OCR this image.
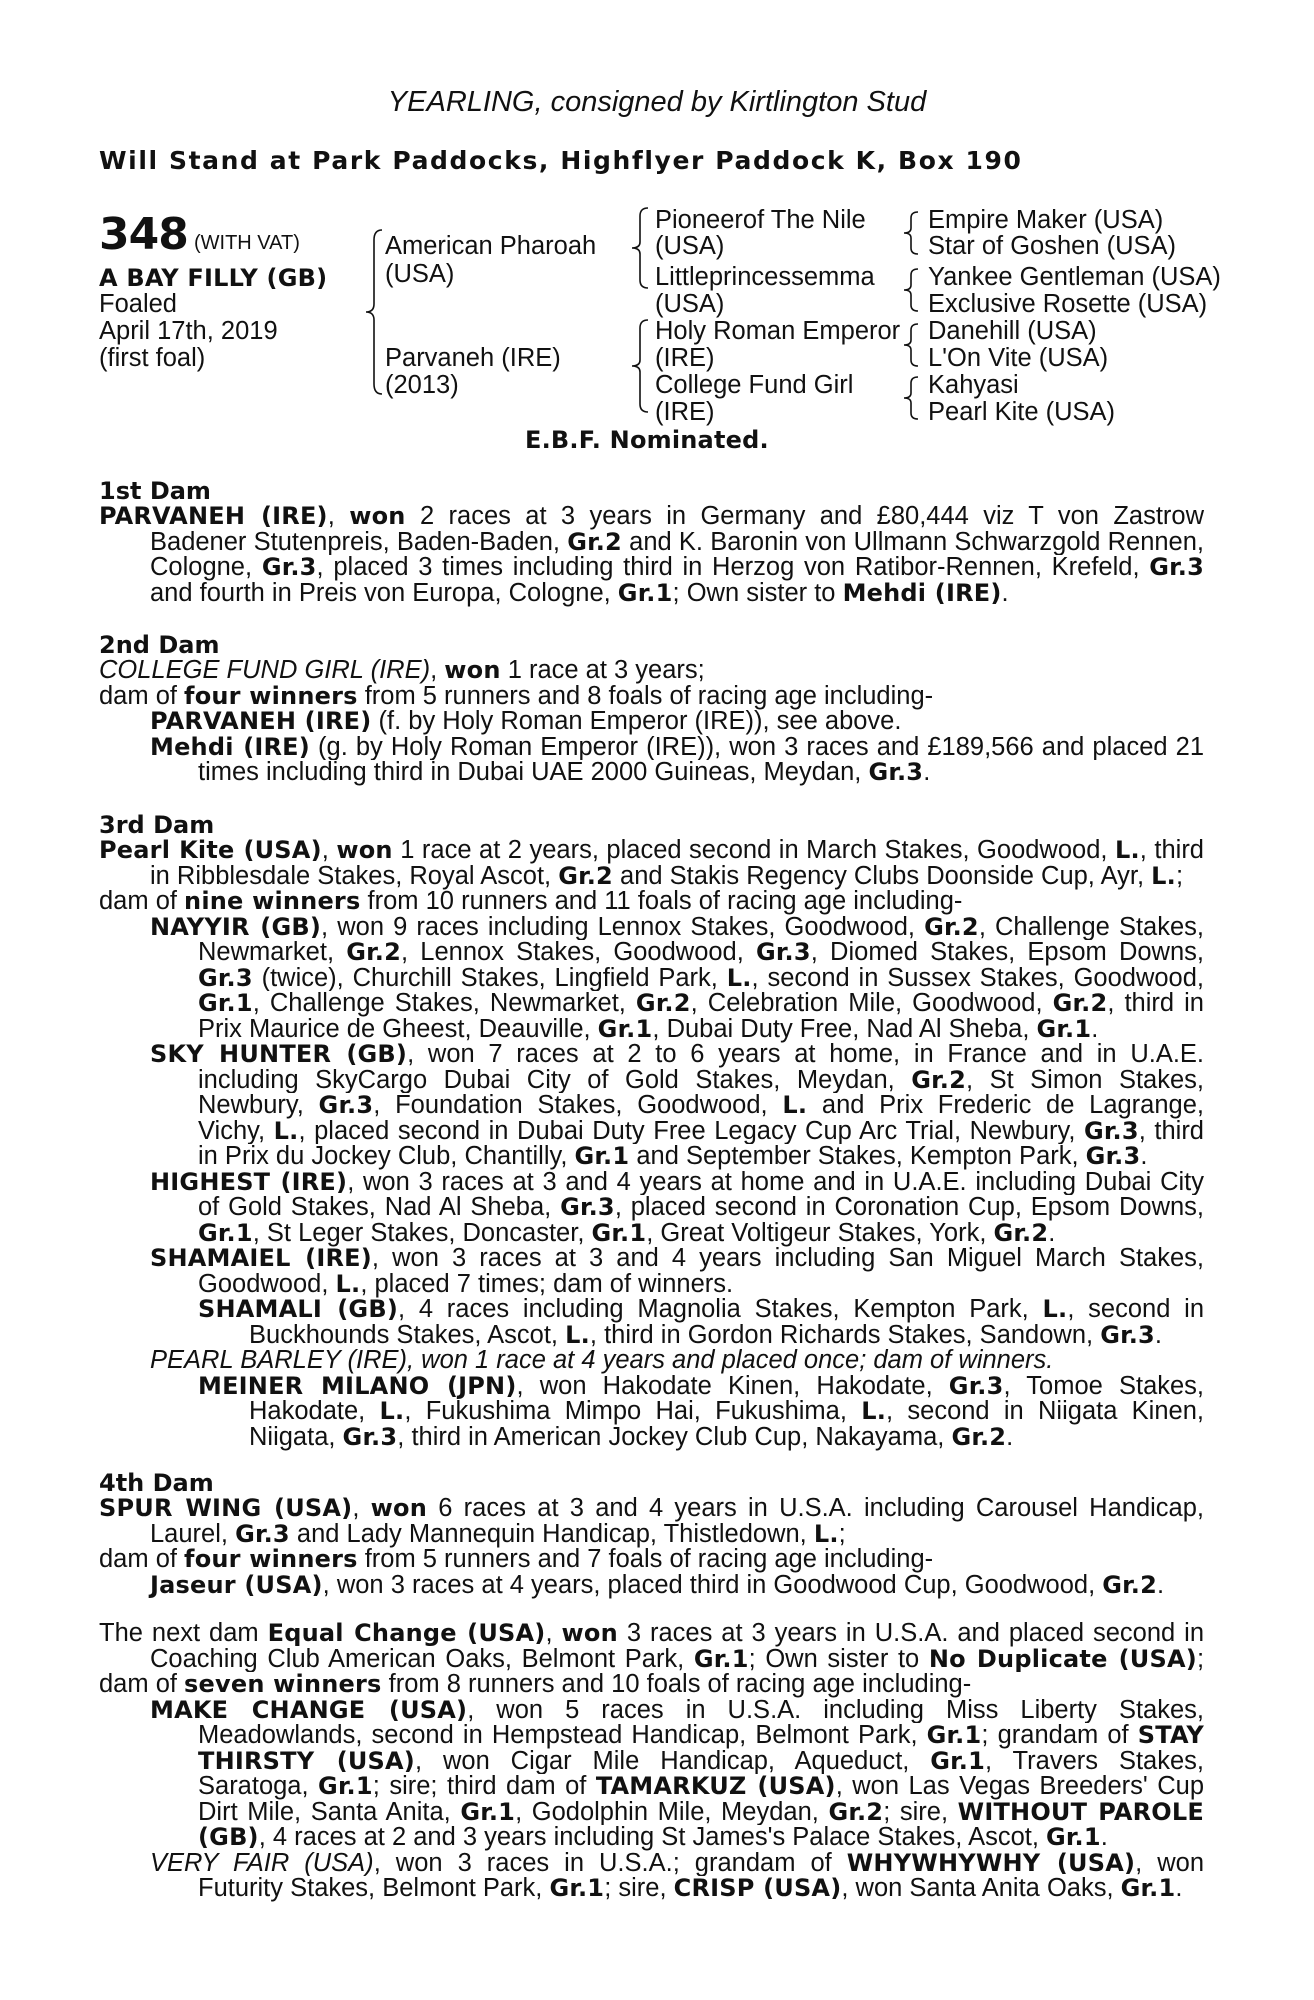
YEARLING, consigned by Kirtlington Stud
Will Stand at Park Paddocks, Highflyer Paddock K, Box 190
348 (WITH VAT)
A BAY FILLY (GB)
Foaled
April 17th, 2019
(first foal)
American Pharoah
(USA)
Parvaneh (IRE)
(2013)
Pioneerof The Nile
(USA)
Littleprincessemma
(USA)
Holy Roman Emperor
(IRE)
College Fund Girl
(IRE)
Empire Maker (USA)
Star of Goshen (USA)
Yankee Gentleman (USA)
Exclusive Rosette (USA)
Danehill (USA)
L'On Vite (USA)
Kahyasi
Pearl Kite (USA)
E.B.F. Nominated.
1st Dam
PARVANEH (IRE), won 2 races at 3 years in Germany and £80,444 viz T von Zastrow
Badener Stutenpreis, Baden-Baden, Gr.2 and K. Baronin von Ullmann Schwarzgold Rennen,
Cologne, Gr.3, placed 3 times including third in Herzog von Ratibor-Rennen, Krefeld, Gr.3
and fourth in Preis von Europa, Cologne, Gr.1; Own sister to Mehdi (IRE).
2nd Dam
COLLEGE FUND GIRL (IRE), won 1 race at 3 years;
dam of four winners from 5 runners and 8 foals of racing age including-
PARVANEH (IRE) (f. by Holy Roman Emperor (IRE)), see above.
Mehdi (IRE) (g. by Holy Roman Emperor (IRE)), won 3 races and £189,566 and placed 21
times including third in Dubai UAE 2000 Guineas, Meydan, Gr.3.
3rd Dam
Pearl Kite (USA), won 1 race at 2 years, placed second in March Stakes, Goodwood, L., third
in Ribblesdale Stakes, Royal Ascot, Gr.2 and Stakis Regency Clubs Doonside Cup, Ayr, L.;
dam of nine winners from 10 runners and 11 foals of racing age including-
NAYYIR (GB), won 9 races including Lennox Stakes, Goodwood, Gr.2, Challenge Stakes,
Newmarket, Gr.2, Lennox Stakes, Goodwood, Gr.3, Diomed Stakes, Epsom Downs,
Gr.3 (twice), Churchill Stakes, Lingfield Park, L., second in Sussex Stakes, Goodwood,
Gr.1, Challenge Stakes, Newmarket, Gr.2, Celebration Mile, Goodwood, Gr.2, third in
Prix Maurice de Gheest, Deauville, Gr.1, Dubai Duty Free, Nad Al Sheba, Gr.1.
SKY HUNTER (GB), won 7 races at 2 to 6 years at home, in France and in U.A.E.
including SkyCargo Dubai City of Gold Stakes, Meydan, Gr.2, St Simon Stakes,
Newbury, Gr.3, Foundation Stakes, Goodwood, L. and Prix Frederic de Lagrange,
Vichy, L., placed second in Dubai Duty Free Legacy Cup Arc Trial, Newbury, Gr.3, third
in Prix du Jockey Club, Chantilly, Gr.1 and September Stakes, Kempton Park, Gr.3.
HIGHEST (IRE), won 3 races at 3 and 4 years at home and in U.A.E. including Dubai City
of Gold Stakes, Nad Al Sheba, Gr.3, placed second in Coronation Cup, Epsom Downs,
Gr.1, St Leger Stakes, Doncaster, Gr.1, Great Voltigeur Stakes, York, Gr.2.
SHAMAIEL (IRE), won 3 races at 3 and 4 years including San Miguel March Stakes,
Goodwood, L., placed 7 times; dam of winners.
SHAMALI (GB), 4 races including Magnolia Stakes, Kempton Park, L., second in
Buckhounds Stakes, Ascot, L., third in Gordon Richards Stakes, Sandown, Gr.3.
PEARL BARLEY (IRE), won 1 race at 4 years and placed once; dam of winners.
MEINER MILANO (JPN), won Hakodate Kinen, Hakodate, Gr.3, Tomoe Stakes,
Hakodate, L., Fukushima Mimpo Hai, Fukushima, L., second in Niigata Kinen,
Niigata, Gr.3, third in American Jockey Club Cup, Nakayama, Gr.2.
4th Dam
SPUR WING (USA), won 6 races at 3 and 4 years in U.S.A. including Carousel Handicap,
Laurel, Gr.3 and Lady Mannequin Handicap, Thistledown, L.;
dam of four winners from 5 runners and 7 foals of racing age including-
Jaseur (USA), won 3 races at 4 years, placed third in Goodwood Cup, Goodwood, Gr.2.
The next dam Equal Change (USA), won 3 races at 3 years in U.S.A. and placed second in
Coaching Club American Oaks, Belmont Park, Gr.1; Own sister to No Duplicate (USA);
dam of seven winners from 8 runners and 10 foals of racing age including-
MAKE CHANGE (USA), won 5 races in U.S.A. including Miss Liberty Stakes,
Meadowlands, second in Hempstead Handicap, Belmont Park, Gr.1; grandam of STAY
THIRSTY (USA), won Cigar Mile Handicap, Aqueduct, Gr.1, Travers Stakes,
Saratoga, Gr.1; sire; third dam of TAMARKUZ (USA), won Las Vegas Breeders' Cup
Dirt Mile, Santa Anita, Gr.1, Godolphin Mile, Meydan, Gr.2; sire, WITHOUT PAROLE
(GB), 4 races at 2 and 3 years including St James's Palace Stakes, Ascot, Gr.1.
VERY FAIR (USA), won 3 races in U.S.A.; grandam of WHYWHYWHY (USA), won
Futurity Stakes, Belmont Park, Gr.1; sire, CRISP (USA), won Santa Anita Oaks, Gr.1.
